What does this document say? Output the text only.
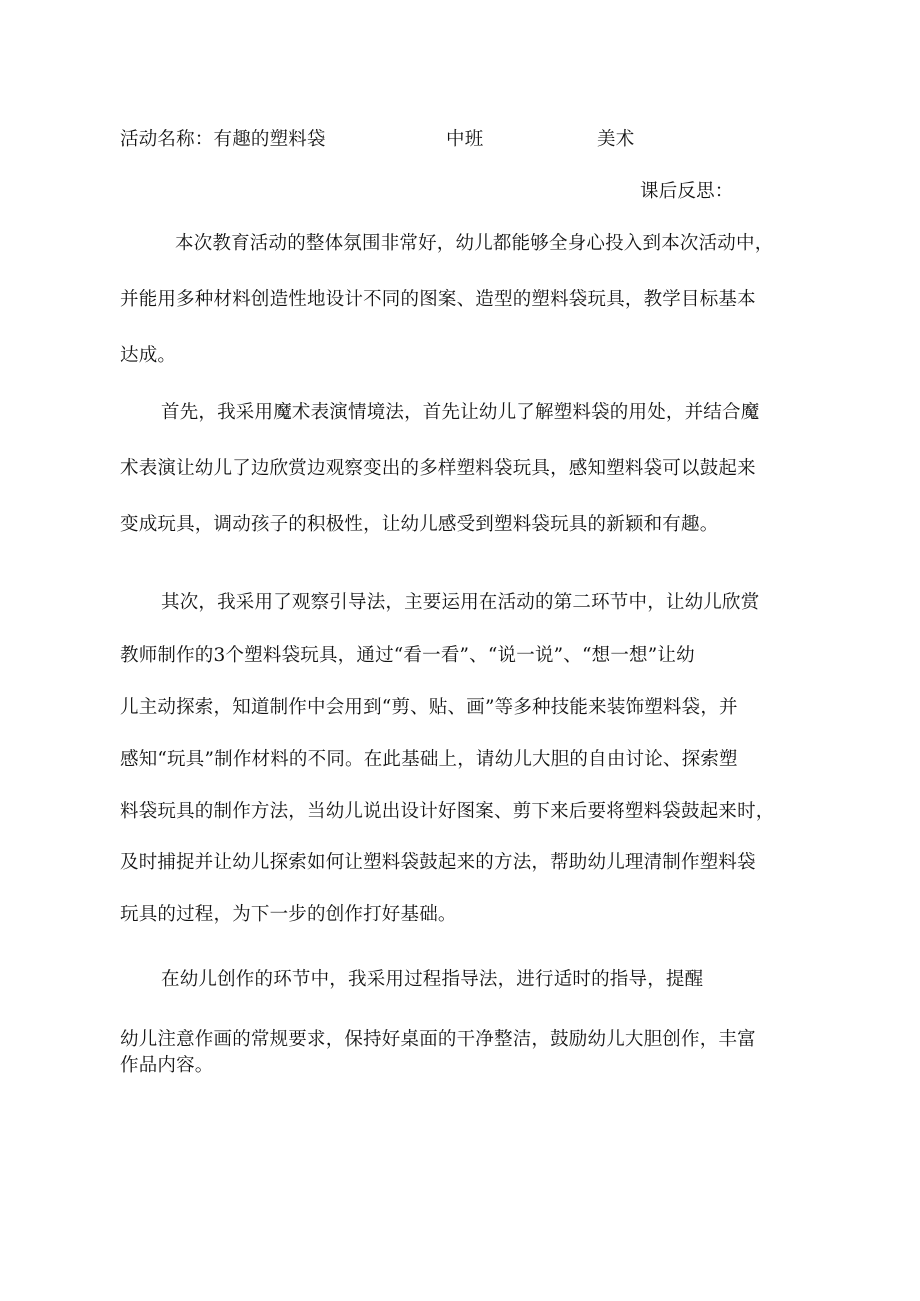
活动名称：有趣的塑料袋	中班	美术
课后反思：
本次教育活动的整体氛围非常好，幼儿都能够全身心投入到本次活动中，
并能用多种材料创造性地设计不同的图案、造型的塑料袋玩具，教学目标基本
达成。
首先，我采用魔术表演情境法，首先让幼儿了解塑料袋的用处，并结合魔
术表演让幼儿了边欣赏边观察变出的多样塑料袋玩具，感知塑料袋可以鼓起来
变成玩具，调动孩子的积极性，让幼儿感受到塑料袋玩具的新颖和有趣。
其次，我采用了观察引导法，主要运用在活动的第二环节中，让幼儿欣赏
教师制作的3个塑料袋玩具，通过“看一看”、“说一说”、“想一想”让幼
儿主动探索，知道制作中会用到“剪、贴、画”等多种技能来装饰塑料袋，并
感知“玩具”制作材料的不同。在此基础上，请幼儿大胆的自由讨论、探索塑
料袋玩具的制作方法，当幼儿说出设计好图案、剪下来后要将塑料袋鼓起来时，
及时捕捉并让幼儿探索如何让塑料袋鼓起来的方法，帮助幼儿理清制作塑料袋
玩具的过程，为下一步的创作打好基础。
在幼儿创作的环节中，我采用过程指导法，进行适时的指导，提醒
幼儿注意作画的常规要求，保持好桌面的干净整洁，鼓励幼儿大胆创作，丰富
作品内容。
